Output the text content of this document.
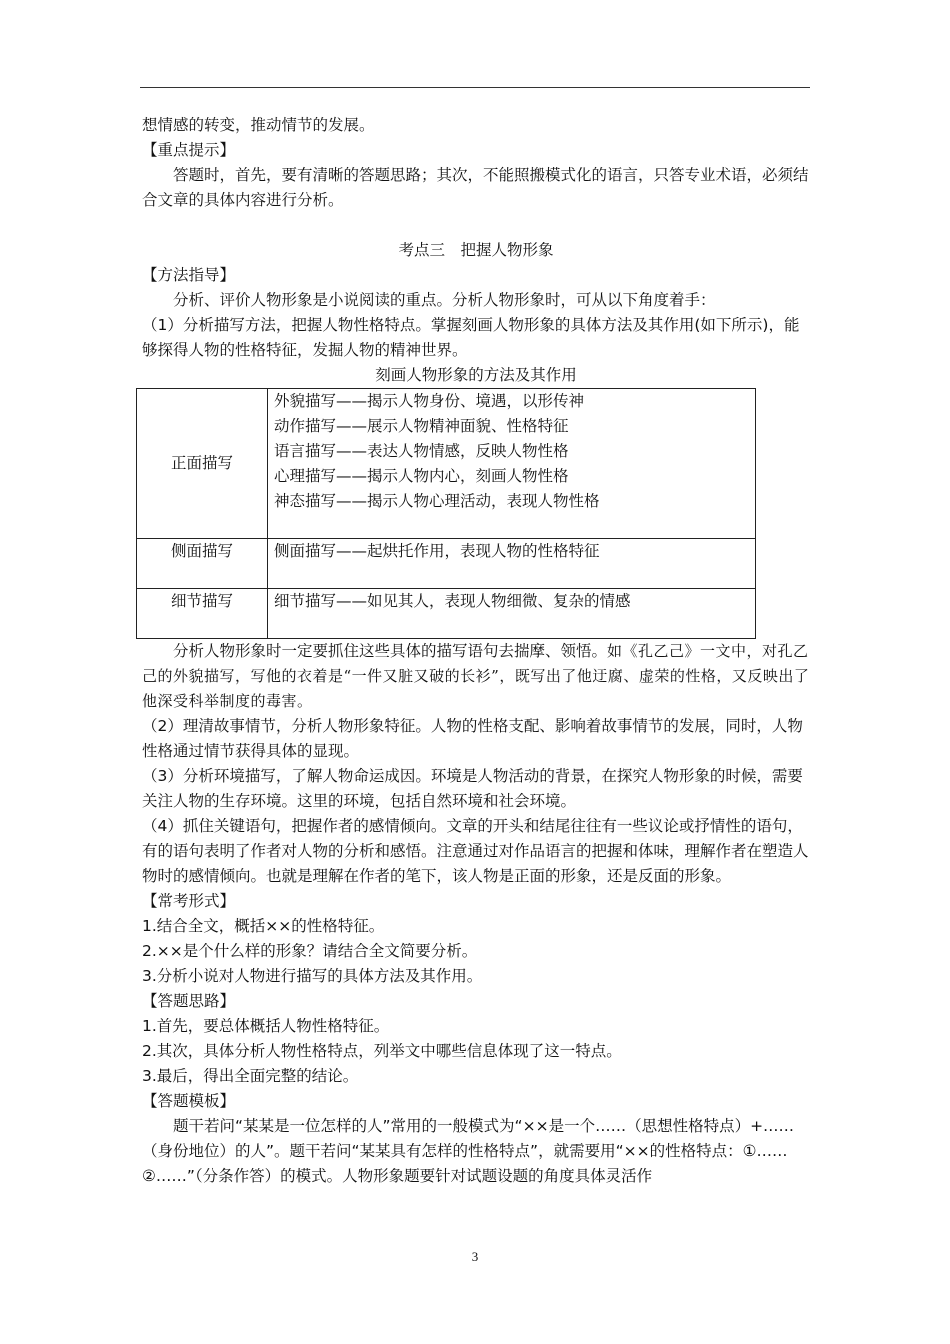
想情感的转变，推动情节的发展。

【重点提示】

答题时，首先，要有清晰的答题思路；其次，不能照搬模式化的语言，只答专业术语，必须结合文章的具体内容进行分析。

考点三　把握人物形象

【方法指导】

分析、评价人物形象是小说阅读的重点。分析人物形象时，可从以下角度着手：

（1）分析描写方法，把握人物性格特点。掌握刻画人物形象的具体方法及其作用(如下所示)，能够探得人物的性格特征，发掘人物的精神世界。

刻画人物形象的方法及其作用

正面描写	外貌描写——揭示人物身份、境遇，以形传神
动作描写——展示人物精神面貌、性格特征
语言描写——表达人物情感，反映人物性格
心理描写——揭示人物内心，刻画人物性格
神态描写——揭示人物心理活动，表现人物性格

侧面描写	侧面描写——起烘托作用，表现人物的性格特征

细节描写	细节描写——如见其人，表现人物细微、复杂的情感

分析人物形象时一定要抓住这些具体的描写语句去揣摩、领悟。如《孔乙己》一文中，对孔乙己的外貌描写，写他的衣着是“一件又脏又破的长衫”，既写出了他迂腐、虚荣的性格，又反映出了他深受科举制度的毒害。

（2）理清故事情节，分析人物形象特征。人物的性格支配、影响着故事情节的发展，同时，人物性格通过情节获得具体的显现。

（3）分析环境描写，了解人物命运成因。环境是人物活动的背景，在探究人物形象的时候，需要关注人物的生存环境。这里的环境，包括自然环境和社会环境。

（4）抓住关键语句，把握作者的感情倾向。文章的开头和结尾往往有一些议论或抒情性的语句，有的语句表明了作者对人物的分析和感悟。注意通过对作品语言的把握和体味，理解作者在塑造人物时的感情倾向。也就是理解在作者的笔下，该人物是正面的形象，还是反面的形象。

【常考形式】

1.结合全文，概括××的性格特征。

2.××是个什么样的形象？请结合全文简要分析。

3.分析小说对人物进行描写的具体方法及其作用。

【答题思路】

1.首先，要总体概括人物性格特征。

2.其次，具体分析人物性格特点，列举文中哪些信息体现了这一特点。

3.最后，得出全面完整的结论。

【答题模板】

题干若问“某某是一位怎样的人”常用的一般模式为“××是一个……（思想性格特点）+……（身份地位）的人”。题干若问“某某具有怎样的性格特点”，就需要用“××的性格特点：①……②……”（分条作答）的模式。人物形象题要针对试题设题的角度具体灵活作

3
